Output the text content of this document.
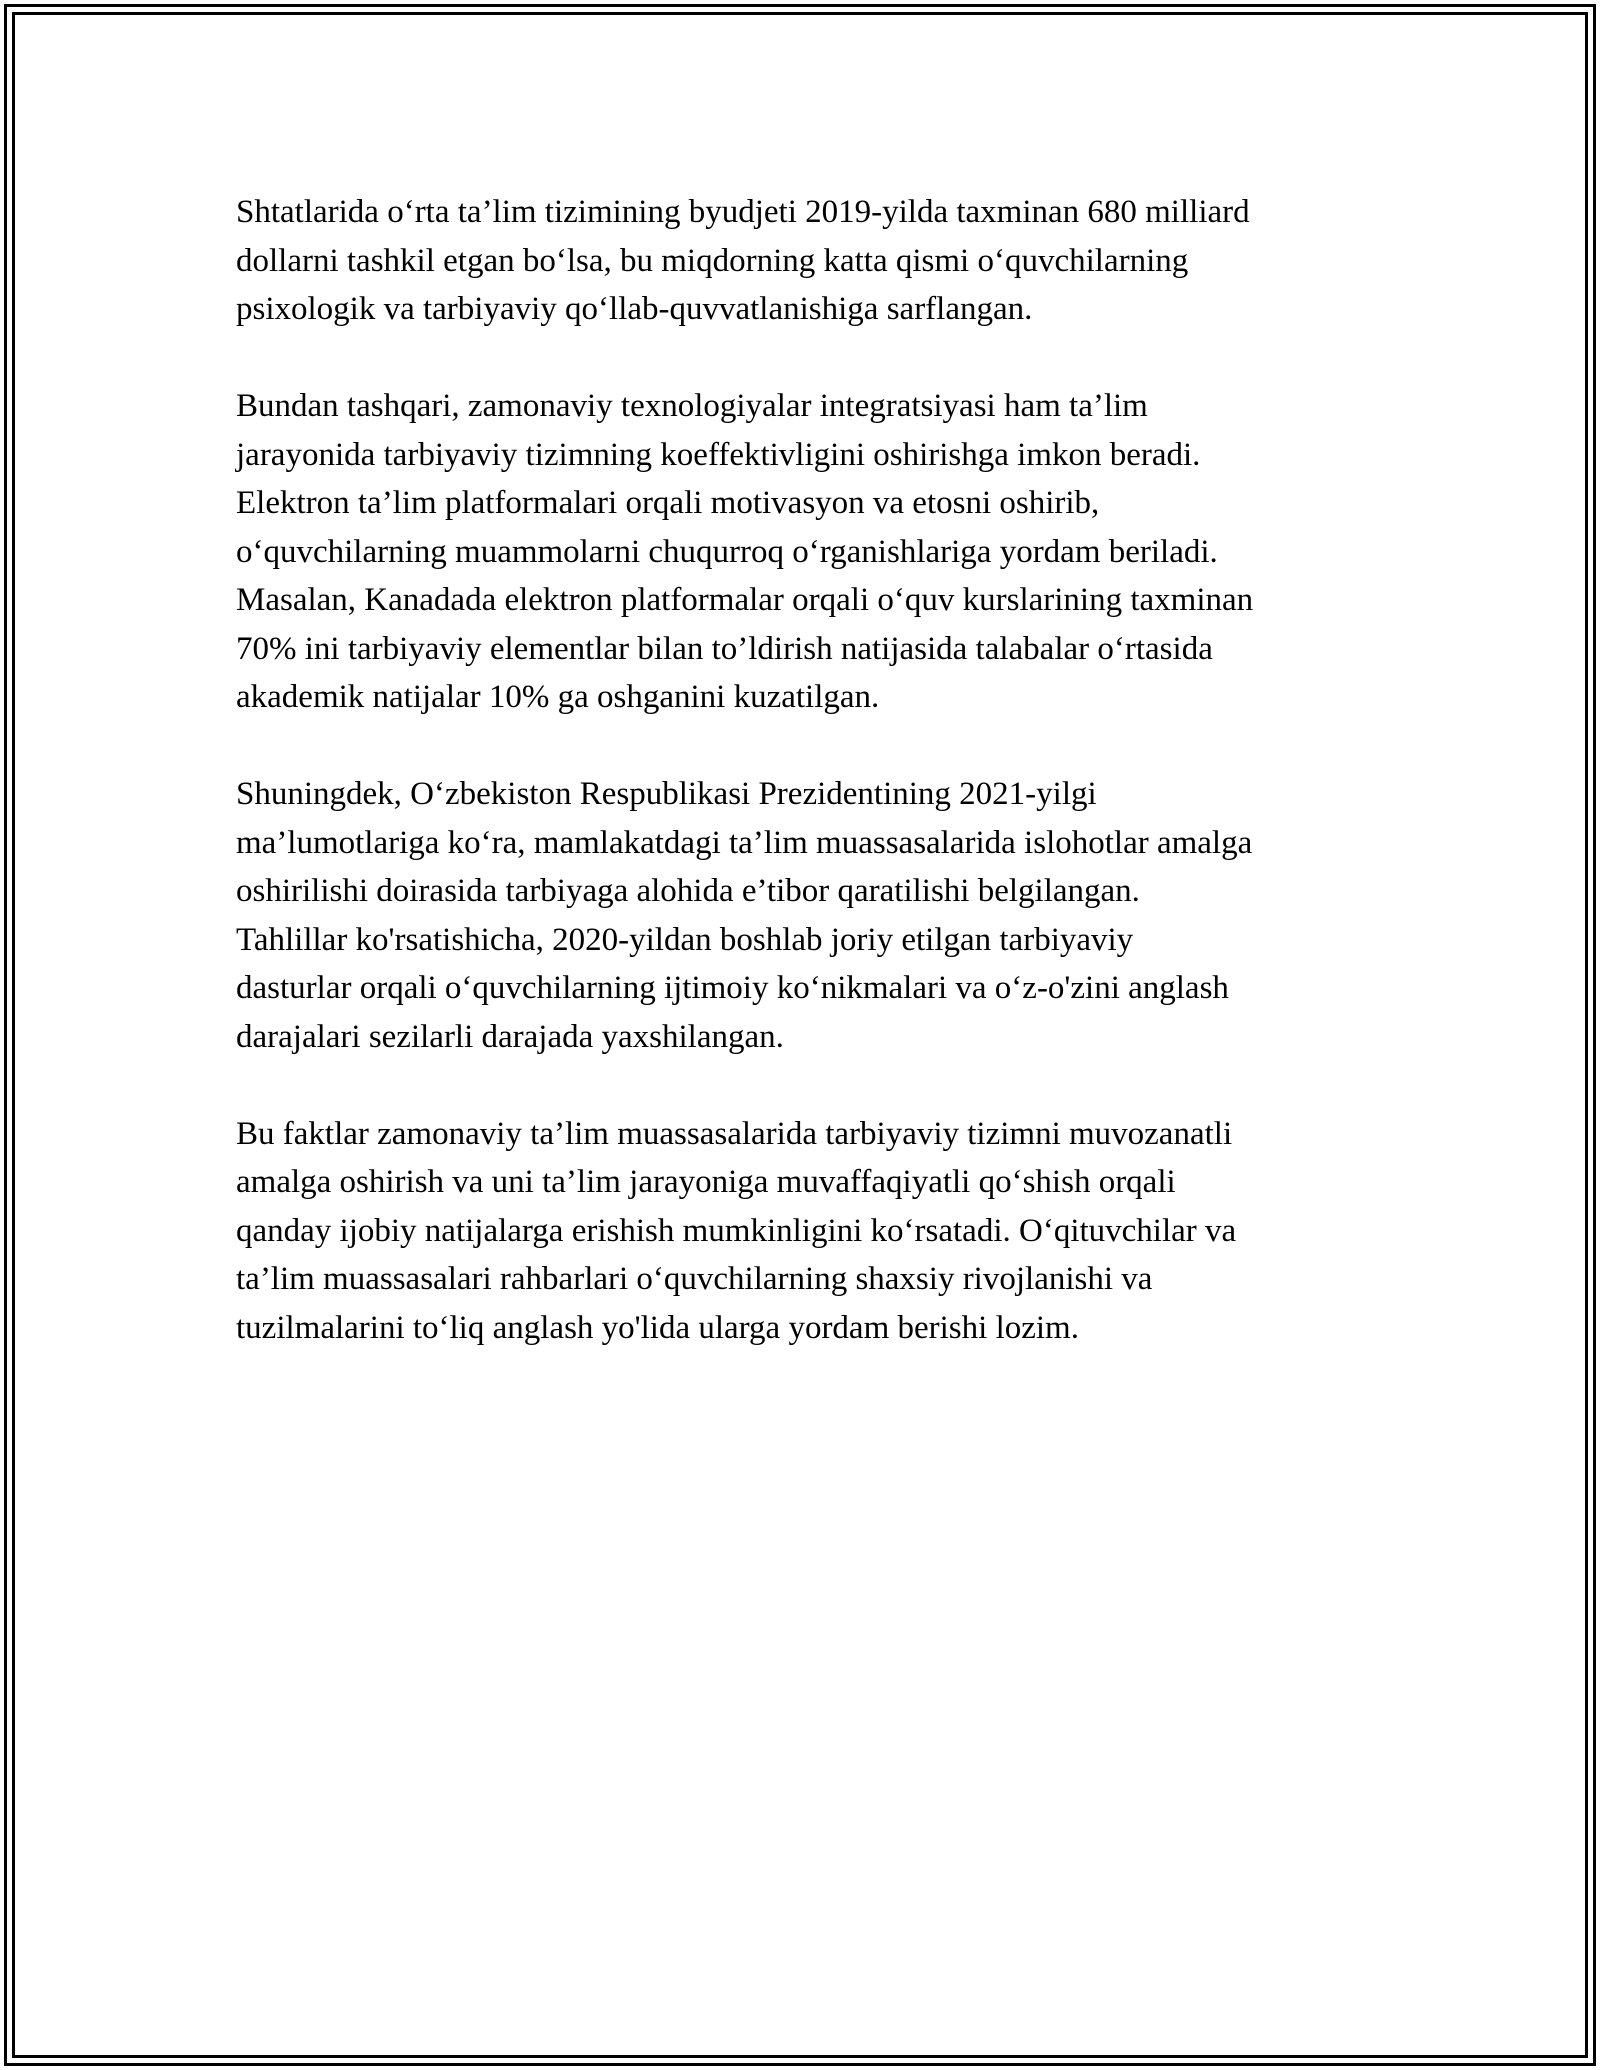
Shtatlarida o‘rta ta’lim tizimining byudjeti 2019-yilda taxminan 680 milliard
dollarni tashkil etgan bo‘lsa, bu miqdorning katta qismi o‘quvchilarning
psixologik va tarbiyaviy qo‘llab-quvvatlanishiga sarflangan.

Bundan tashqari, zamonaviy texnologiyalar integratsiyasi ham ta’lim
jarayonida tarbiyaviy tizimning koeffektivligini oshirishga imkon beradi.
Elektron ta’lim platformalari orqali motivasyon va etosni oshirib,
o‘quvchilarning muammolarni chuqurroq o‘rganishlariga yordam beriladi.
Masalan, Kanadada elektron platformalar orqali o‘quv kurslarining taxminan
70% ini tarbiyaviy elementlar bilan to’ldirish natijasida talabalar o‘rtasida
akademik natijalar 10% ga oshganini kuzatilgan.

Shuningdek, O‘zbekiston Respublikasi Prezidentining 2021-yilgi
ma’lumotlariga ko‘ra, mamlakatdagi ta’lim muassasalarida islohotlar amalga
oshirilishi doirasida tarbiyaga alohida e’tibor qaratilishi belgilangan.
Tahlillar ko'rsatishicha, 2020-yildan boshlab joriy etilgan tarbiyaviy
dasturlar orqali o‘quvchilarning ijtimoiy ko‘nikmalari va o‘z-o'zini anglash
darajalari sezilarli darajada yaxshilangan.

Bu faktlar zamonaviy ta’lim muassasalarida tarbiyaviy tizimni muvozanatli
amalga oshirish va uni ta’lim jarayoniga muvaffaqiyatli qo‘shish orqali
qanday ijobiy natijalarga erishish mumkinligini ko‘rsatadi. O‘qituvchilar va
ta’lim muassasalari rahbarlari o‘quvchilarning shaxsiy rivojlanishi va
tuzilmalarini to‘liq anglash yo'lida ularga yordam berishi lozim.
